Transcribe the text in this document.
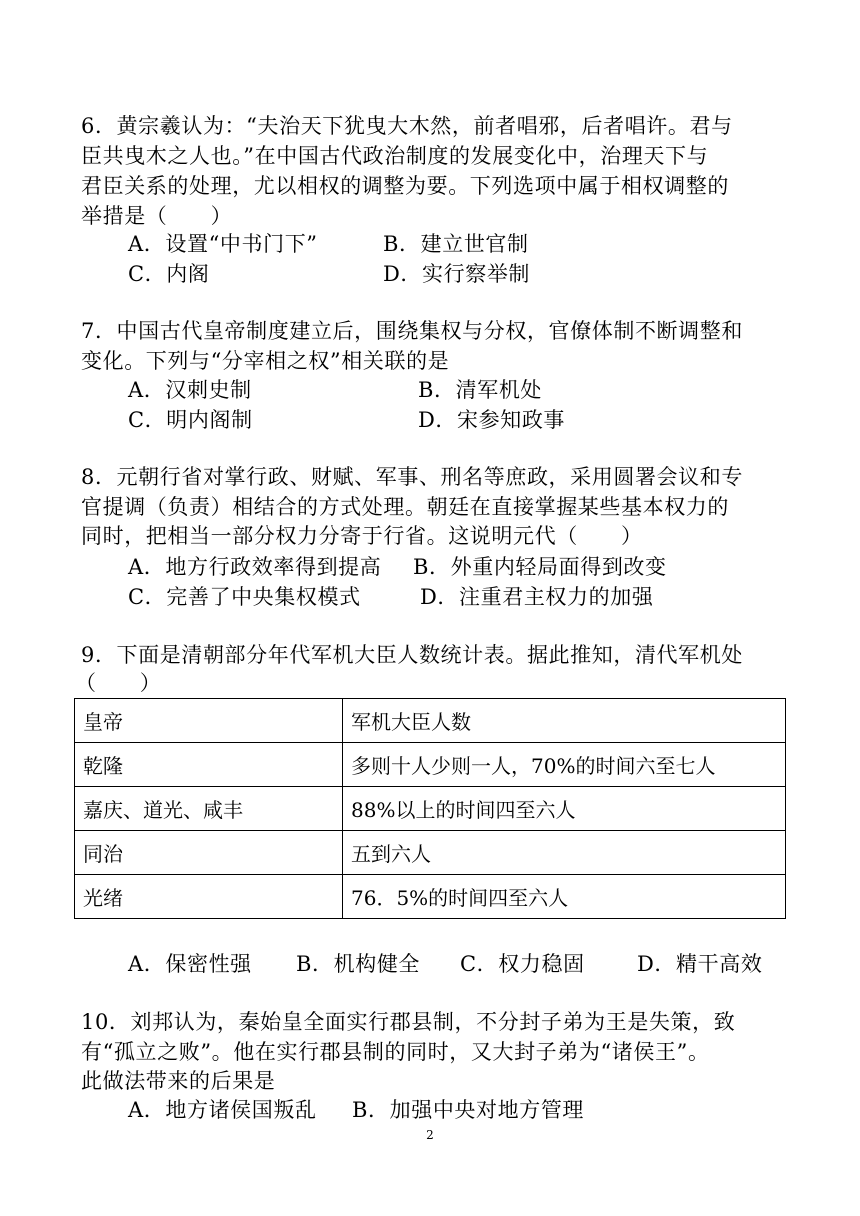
6．黄宗羲认为：“夫治天下犹曳大木然，前者唱邪，后者唱许。君与
臣共曳木之人也。”在中国古代政治制度的发展变化中，治理天下与
君臣关系的处理，尤以相权的调整为要。下列选项中属于相权调整的
举措是（　　）
A．设置“中书门下”	B．建立世官制
C．内阁	D．实行察举制
7．中国古代皇帝制度建立后，围绕集权与分权，官僚体制不断调整和
变化。下列与“分宰相之权”相关联的是
A．汉刺史制	B．清军机处
C．明内阁制	D．宋参知政事
8．元朝行省对掌行政、财赋、军事、刑名等庶政，采用圆署会议和专
官提调（负责）相结合的方式处理。朝廷在直接掌握某些基本权力的
同时，把相当一部分权力分寄于行省。这说明元代（　　）
A．地方行政效率得到提高 B．外重内轻局面得到改变
C．完善了中央集权模式	D．注重君主权力的加强
9．下面是清朝部分年代军机大臣人数统计表。据此推知，清代军机处
（　　）
皇帝	军机大臣人数
乾隆	多则十人少则一人，70%的时间六至七人
嘉庆、道光、咸丰	88%以上的时间四至六人
同治	五到六人
光绪	76．5%的时间四至六人
A．保密性强 B．机构健全 C．权力稳固 D．精干高效
10．刘邦认为，秦始皇全面实行郡县制，不分封子弟为王是失策，致
有“孤立之败”。他在实行郡县制的同时，又大封子弟为“诸侯王”。
此做法带来的后果是
A．地方诸侯国叛乱 B．加强中央对地方管理
2
